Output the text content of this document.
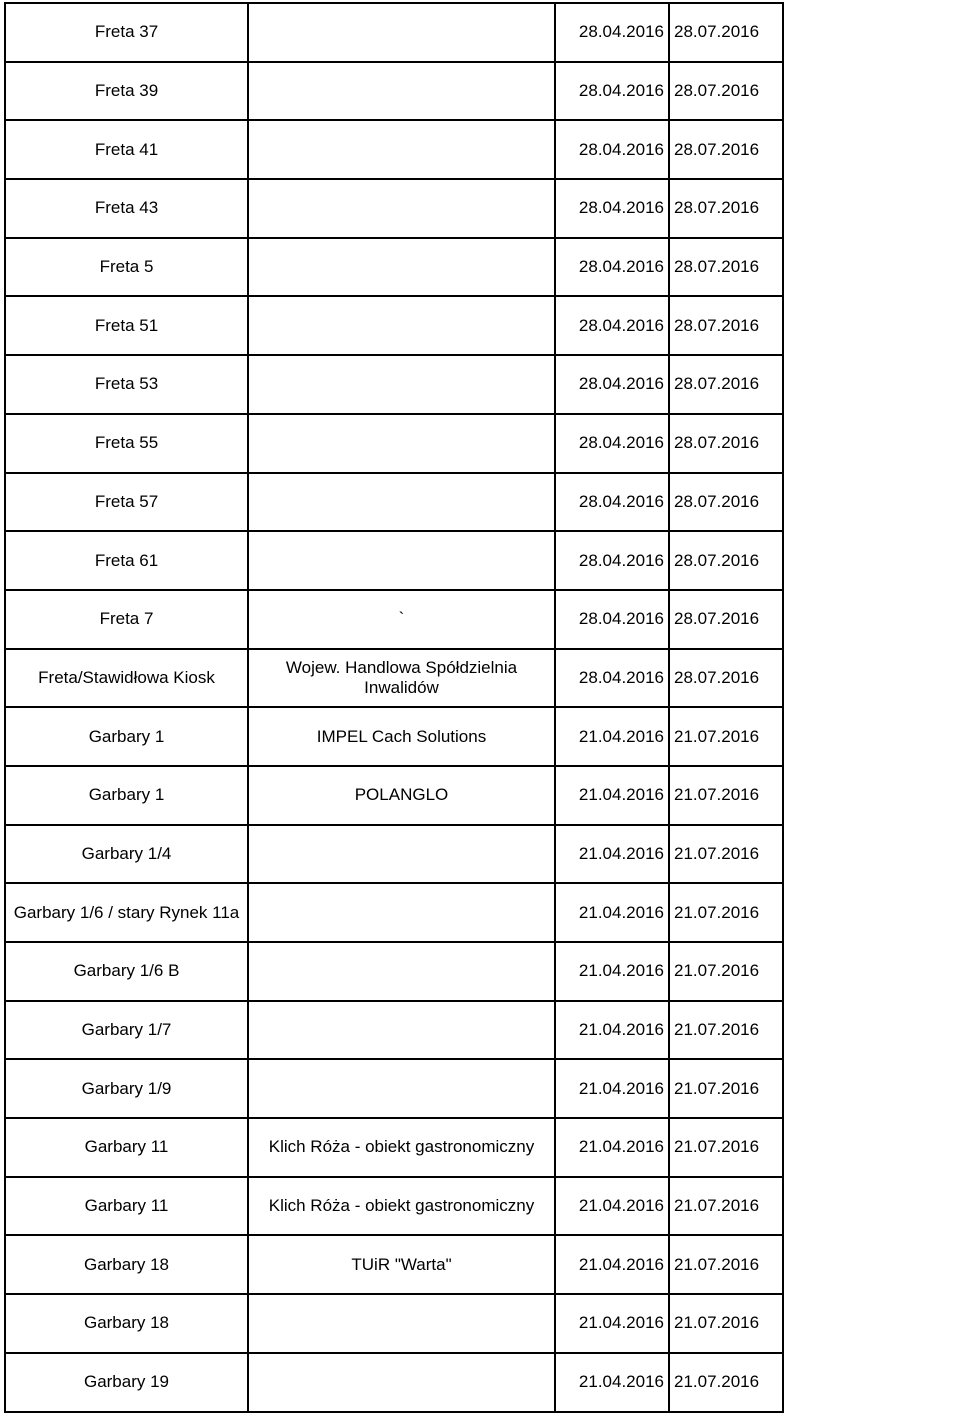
Freta 37		28.04.2016	28.07.2016
Freta 39		28.04.2016	28.07.2016
Freta 41		28.04.2016	28.07.2016
Freta 43		28.04.2016	28.07.2016
Freta 5		28.04.2016	28.07.2016
Freta 51		28.04.2016	28.07.2016
Freta 53		28.04.2016	28.07.2016
Freta 55		28.04.2016	28.07.2016
Freta 57		28.04.2016	28.07.2016
Freta 61		28.04.2016	28.07.2016
Freta 7	`	28.04.2016	28.07.2016
Freta/Stawidłowa Kiosk	Wojew. Handlowa Spółdzielnia Inwalidów	28.04.2016	28.07.2016
Garbary 1	IMPEL Cach Solutions	21.04.2016	21.07.2016
Garbary 1	POLANGLO	21.04.2016	21.07.2016
Garbary 1/4		21.04.2016	21.07.2016
Garbary 1/6 / stary Rynek 11a		21.04.2016	21.07.2016
Garbary 1/6 B		21.04.2016	21.07.2016
Garbary 1/7		21.04.2016	21.07.2016
Garbary 1/9		21.04.2016	21.07.2016
Garbary 11	Klich Róża - obiekt gastronomiczny	21.04.2016	21.07.2016
Garbary 11	Klich Róża - obiekt gastronomiczny	21.04.2016	21.07.2016
Garbary 18	TUiR "Warta"	21.04.2016	21.07.2016
Garbary 18		21.04.2016	21.07.2016
Garbary 19		21.04.2016	21.07.2016
